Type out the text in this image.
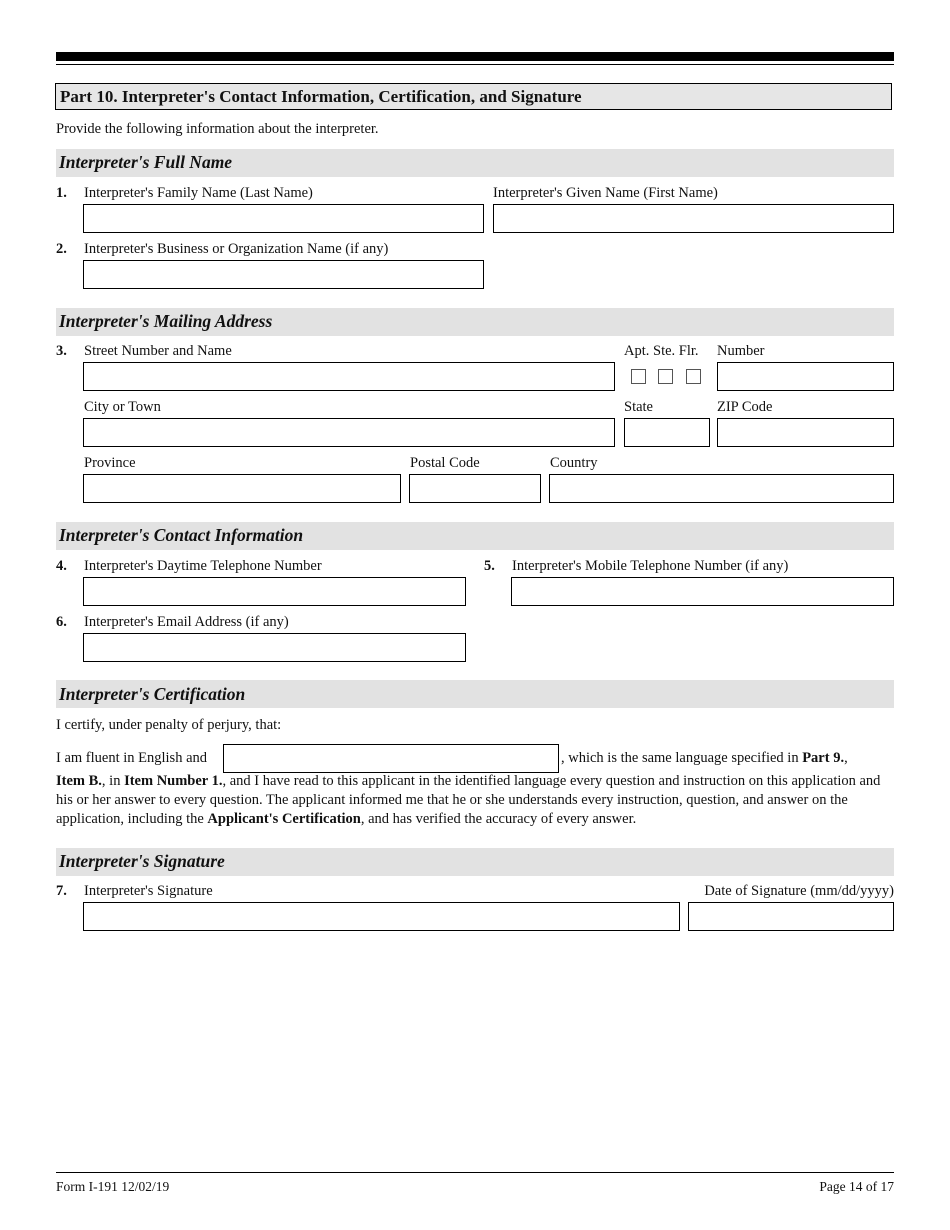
Part 10. Interpreter's Contact Information, Certification, and Signature
Provide the following information about the interpreter.
Interpreter's Full Name
1. Interpreter's Family Name (Last Name)	Interpreter's Given Name (First Name)
2. Interpreter's Business or Organization Name (if any)
Interpreter's Mailing Address
3. Street Number and Name	Apt. Ste. Flr. Number
City or Town	State	ZIP Code
Province	Postal Code	Country
Interpreter's Contact Information
4. Interpreter's Daytime Telephone Number	5. Interpreter's Mobile Telephone Number (if any)
6. Interpreter's Email Address (if any)
Interpreter's Certification
I certify, under penalty of perjury, that:
I am fluent in English and	, which is the same language specified in Part 9.,
Item B., in Item Number 1., and I have read to this applicant in the identified language every question and instruction on this application and his or her answer to every question. The applicant informed me that he or she understands every instruction, question, and answer on the application, including the Applicant's Certification, and has verified the accuracy of every answer.
Interpreter's Signature
7. Interpreter's Signature	Date of Signature (mm/dd/yyyy)
Form I-191 12/02/19	Page 14 of 17
